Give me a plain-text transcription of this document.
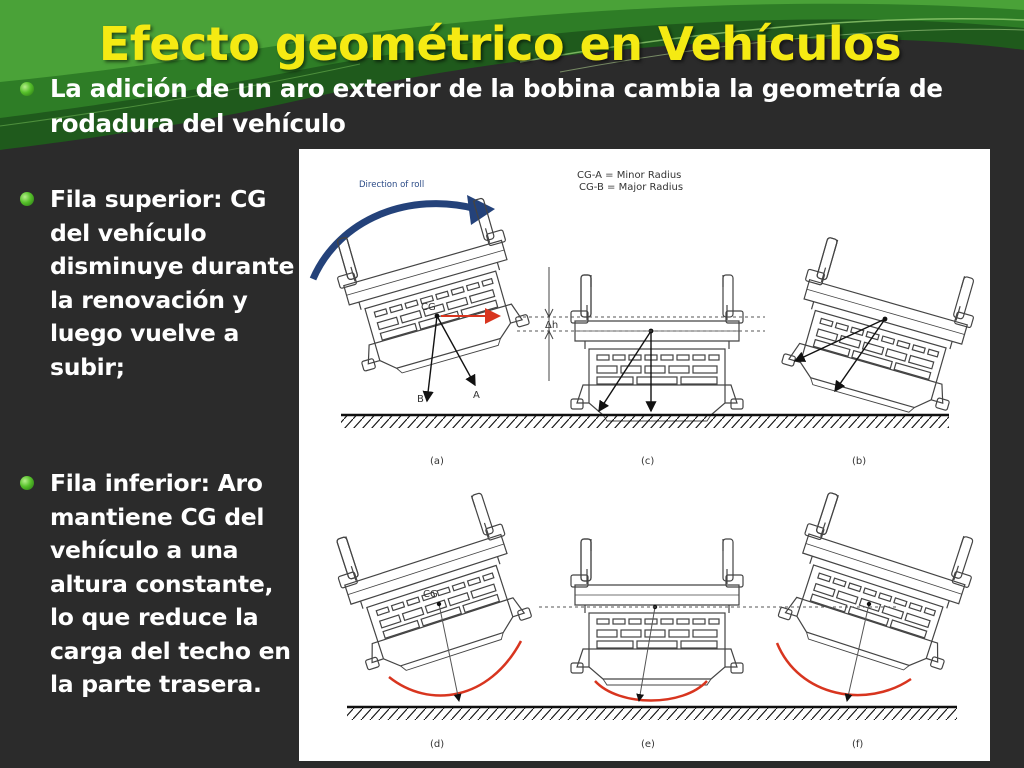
Efecto geométrico en Vehículos
La adición de un aro exterior de la bobina cambia la geometría de rodadura del vehículo
Fila superior: CG del vehículo disminuye durante la renovación y luego vuelve a subir;
Fila inferior: Aro mantiene CG del vehículo a una altura constante, lo que reduce la carga del techo en la parte trasera.
Direction of roll
CG-A = Minor Radius
CG-B = Major Radius
CG
B	A
Δh
(a)	(c)	(b)
CG
(d)	(e)	(f)
